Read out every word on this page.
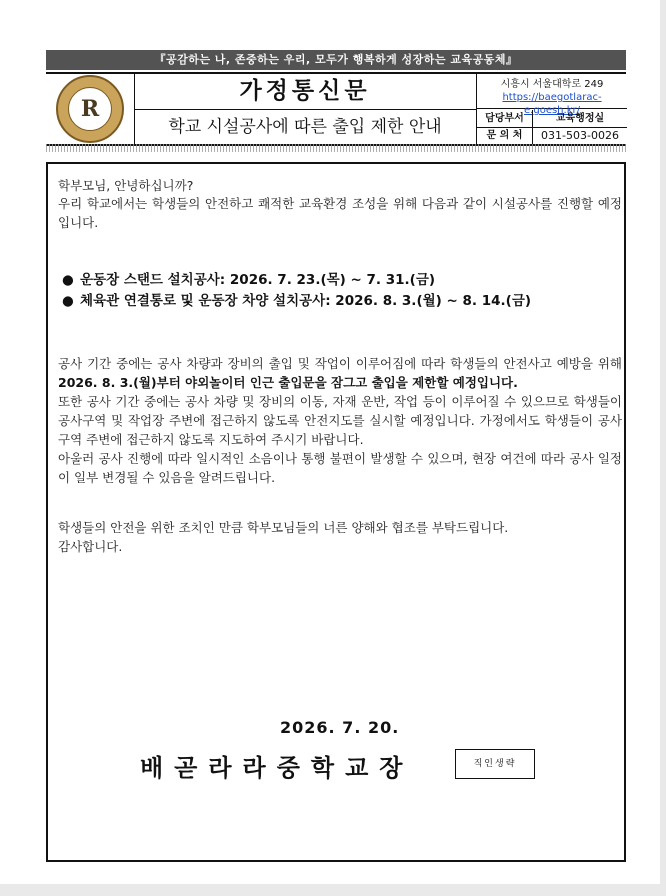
『공감하는 나, 존중하는 우리, 모두가 행복하게 성장하는 교육공동체』
R
가정통신문
학교 시설공사에 따른 출입 제한 안내
시흥시 서울대학로 249
https://baegotlarac-e.goesh.kr/
담당부서	교육행정실
문 의 처	031-503-0026
학부모님, 안녕하십니까?
우리 학교에서는 학생들의 안전하고 쾌적한 교육환경 조성을 위해 다음과 같이 시설공사를 진행할 예정입니다.
● 운동장 스탠드 설치공사: 2026. 7. 23.(목) ~ 7. 31.(금)
● 체육관 연결통로 및 운동장 차양 설치공사: 2026. 8. 3.(월) ~ 8. 14.(금)
공사 기간 중에는 공사 차량과 장비의 출입 및 작업이 이루어짐에 따라 학생들의 안전사고 예방을 위해 2026. 8. 3.(월)부터 야외놀이터 인근 출입문을 잠그고 출입을 제한할 예정입니다.
또한 공사 기간 중에는 공사 차량 및 장비의 이동, 자재 운반, 작업 등이 이루어질 수 있으므로 학생들이 공사구역 및 작업장 주변에 접근하지 않도록 안전지도를 실시할 예정입니다. 가정에서도 학생들이 공사구역 주변에 접근하지 않도록 지도하여 주시기 바랍니다.
아울러 공사 진행에 따라 일시적인 소음이나 통행 불편이 발생할 수 있으며, 현장 여건에 따라 공사 일정이 일부 변경될 수 있음을 알려드립니다.
학생들의 안전을 위한 조치인 만큼 학부모님들의 너른 양해와 협조를 부탁드립니다.
감사합니다.
2026. 7. 20.
배곧라라중학교장	직인생략
